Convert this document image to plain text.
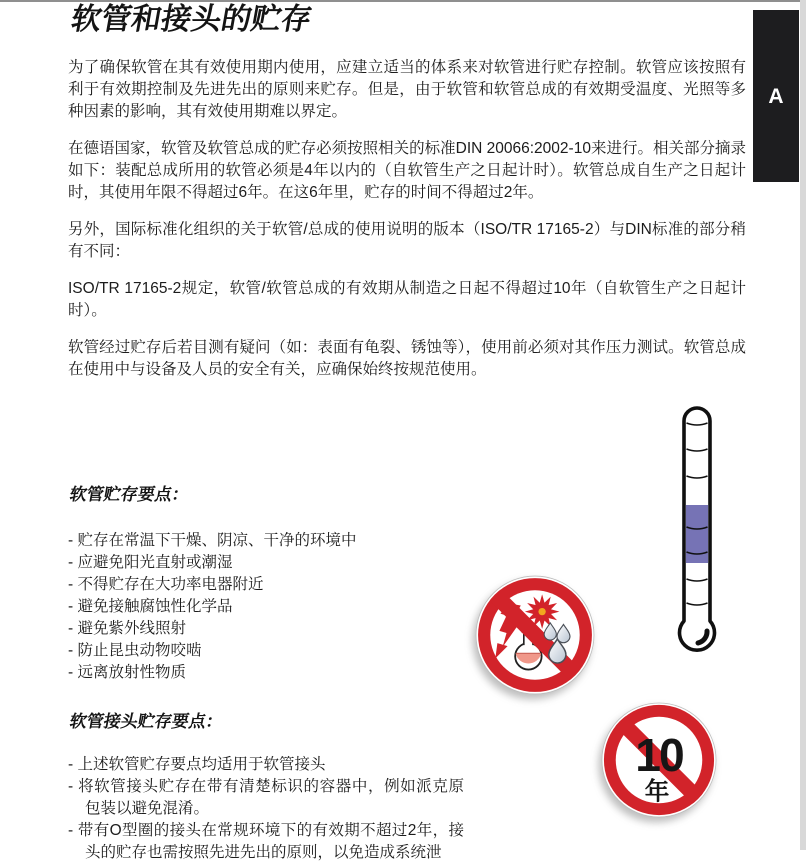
软管和接头的贮存
A

为了确保软管在其有效使用期内使用，应建立适当的体系来对软管进行贮存控制。软管应该按照有利于有效期控制及先进先出的原则来贮存。但是，由于软管和软管总成的有效期受温度、光照等多种因素的影响，其有效使用期难以界定。

在德语国家，软管及软管总成的贮存必须按照相关的标准DIN 20066:2002-10来进行。相关部分摘录如下：装配总成所用的软管必须是4年以内的（自软管生产之日起计时）。软管总成自生产之日起计时，其使用年限不得超过6年。在这6年里，贮存的时间不得超过2年。

另外，国际标准化组织的关于软管/总成的使用说明的版本（ISO/TR 17165-2）与DIN标准的部分稍有不同：

ISO/TR 17165-2规定，软管/软管总成的有效期从制造之日起不得超过10年（自软管生产之日起计时）。

软管经过贮存后若目测有疑问（如：表面有龟裂、锈蚀等），使用前必须对其作压力测试。软管总成在使用中与设备及人员的安全有关，应确保始终按规范使用。

软管贮存要点：
- 贮存在常温下干燥、阴凉、干净的环境中
- 应避免阳光直射或潮湿
- 不得贮存在大功率电器附近
- 避免接触腐蚀性化学品
- 避免紫外线照射
- 防止昆虫动物咬啮
- 远离放射性物质
软管接头贮存要点：
- 上述软管贮存要点均适用于软管接头
- 将软管接头贮存在带有清楚标识的容器中，例如派克原包装以避免混淆。
- 带有O型圈的接头在常规环境下的有效期不超过2年，接头的贮存也需按照先进先出的原则，以免造成系统泄
10
年
